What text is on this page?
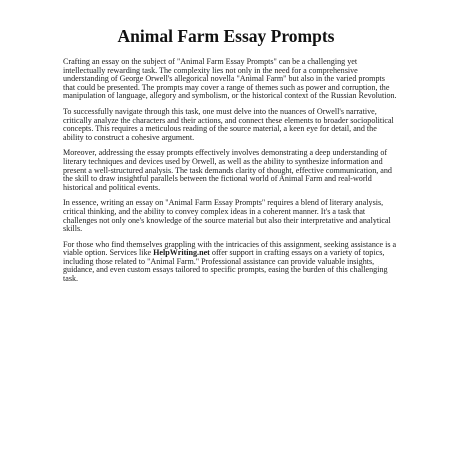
Animal Farm Essay Prompts

Crafting an essay on the subject of "Animal Farm Essay Prompts" can be a challenging yet intellectually rewarding task. The complexity lies not only in the need for a comprehensive understanding of George Orwell's allegorical novella "Animal Farm" but also in the varied prompts that could be presented. The prompts may cover a range of themes such as power and corruption, the manipulation of language, allegory and symbolism, or the historical context of the Russian Revolution.

To successfully navigate through this task, one must delve into the nuances of Orwell's narrative, critically analyze the characters and their actions, and connect these elements to broader sociopolitical concepts. This requires a meticulous reading of the source material, a keen eye for detail, and the ability to construct a cohesive argument.

Moreover, addressing the essay prompts effectively involves demonstrating a deep understanding of literary techniques and devices used by Orwell, as well as the ability to synthesize information and present a well-structured analysis. The task demands clarity of thought, effective communication, and the skill to draw insightful parallels between the fictional world of Animal Farm and real-world historical and political events.

In essence, writing an essay on "Animal Farm Essay Prompts" requires a blend of literary analysis, critical thinking, and the ability to convey complex ideas in a coherent manner. It's a task that challenges not only one's knowledge of the source material but also their interpretative and analytical skills.

For those who find themselves grappling with the intricacies of this assignment, seeking assistance is a viable option. Services like HelpWriting.net offer support in crafting essays on a variety of topics, including those related to "Animal Farm." Professional assistance can provide valuable insights, guidance, and even custom essays tailored to specific prompts, easing the burden of this challenging task.
